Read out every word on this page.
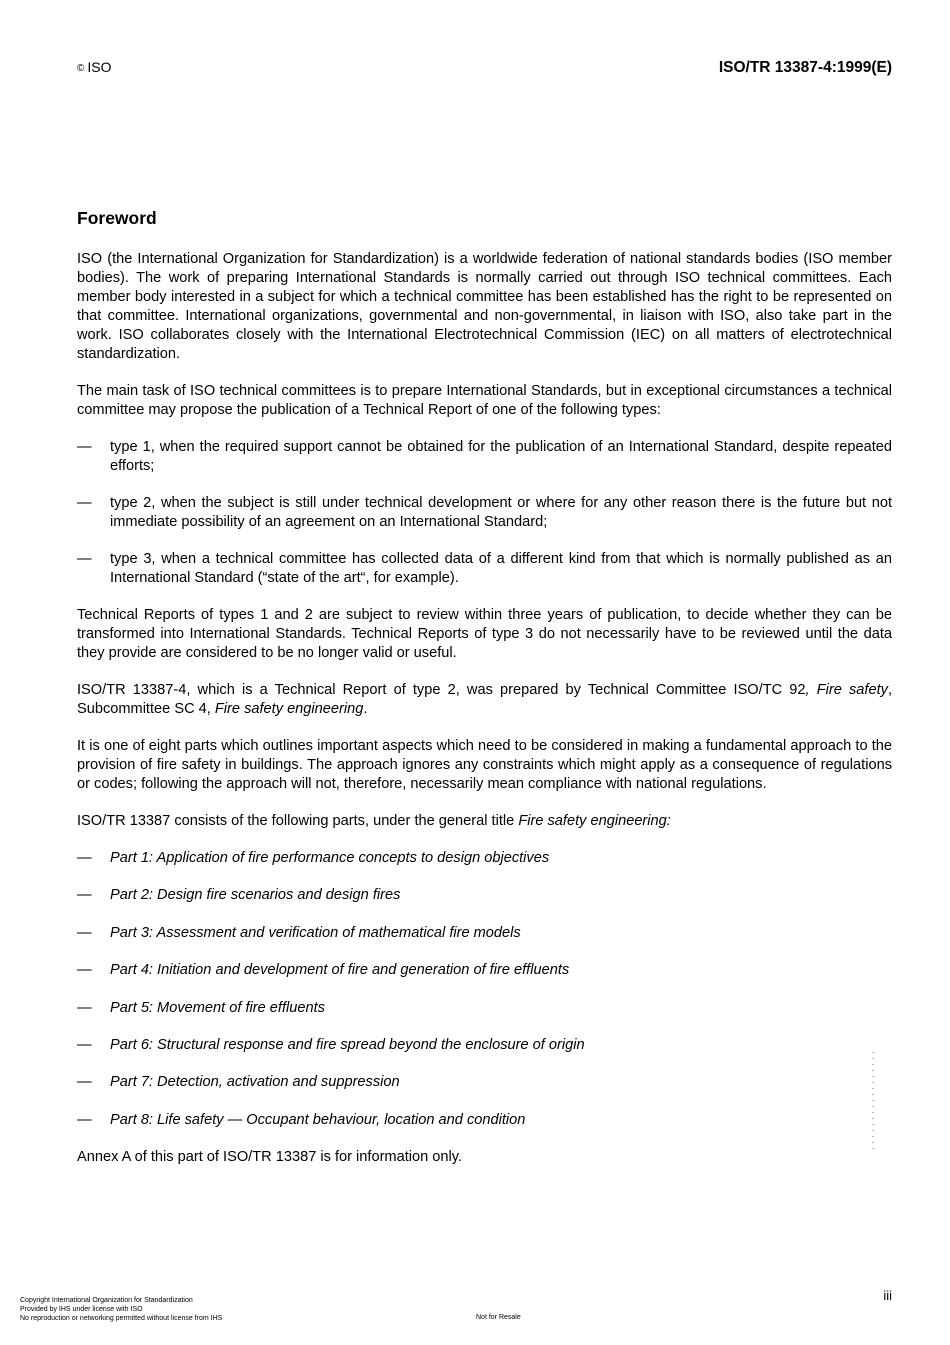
© ISO	ISO/TR 13387-4:1999(E)
Foreword

ISO (the International Organization for Standardization) is a worldwide federation of national standards bodies (ISO member bodies). The work of preparing International Standards is normally carried out through ISO technical committees. Each member body interested in a subject for which a technical committee has been established has the right to be represented on that committee. International organizations, governmental and non-governmental, in liaison with ISO, also take part in the work. ISO collaborates closely with the International Electrotechnical Commission (IEC) on all matters of electrotechnical standardization.

The main task of ISO technical committees is to prepare International Standards, but in exceptional circumstances a technical committee may propose the publication of a Technical Report of one of the following types:

— type 1, when the required support cannot be obtained for the publication of an International Standard, despite repeated efforts;
— type 2, when the subject is still under technical development or where for any other reason there is the future but not immediate possibility of an agreement on an International Standard;
— type 3, when a technical committee has collected data of a different kind from that which is normally published as an International Standard (“state of the art“, for example).

Technical Reports of types 1 and 2 are subject to review within three years of publication, to decide whether they can be transformed into International Standards. Technical Reports of type 3 do not necessarily have to be reviewed until the data they provide are considered to be no longer valid or useful.

ISO/TR 13387-4, which is a Technical Report of type 2, was prepared by Technical Committee ISO/TC 92, Fire safety, Subcommittee SC 4, Fire safety engineering.

It is one of eight parts which outlines important aspects which need to be considered in making a fundamental approach to the provision of fire safety in buildings. The approach ignores any constraints which might apply as a consequence of regulations or codes; following the approach will not, therefore, necessarily mean compliance with national regulations.

ISO/TR 13387 consists of the following parts, under the general title Fire safety engineering:

— Part 1: Application of fire performance concepts to design objectives
— Part 2: Design fire scenarios and design fires
— Part 3: Assessment and verification of mathematical fire models
— Part 4: Initiation and development of fire and generation of fire effluents
— Part 5: Movement of fire effluents
— Part 6: Structural response and fire spread beyond the enclosure of origin
— Part 7: Detection, activation and suppression
— Part 8: Life safety — Occupant behaviour, location and condition

Annex A of this part of ISO/TR 13387 is for information only.

iii
Copyright International Organization for Standardization
Provided by IHS under license with ISO
No reproduction or networking permitted without license from IHS	Not for Resale
